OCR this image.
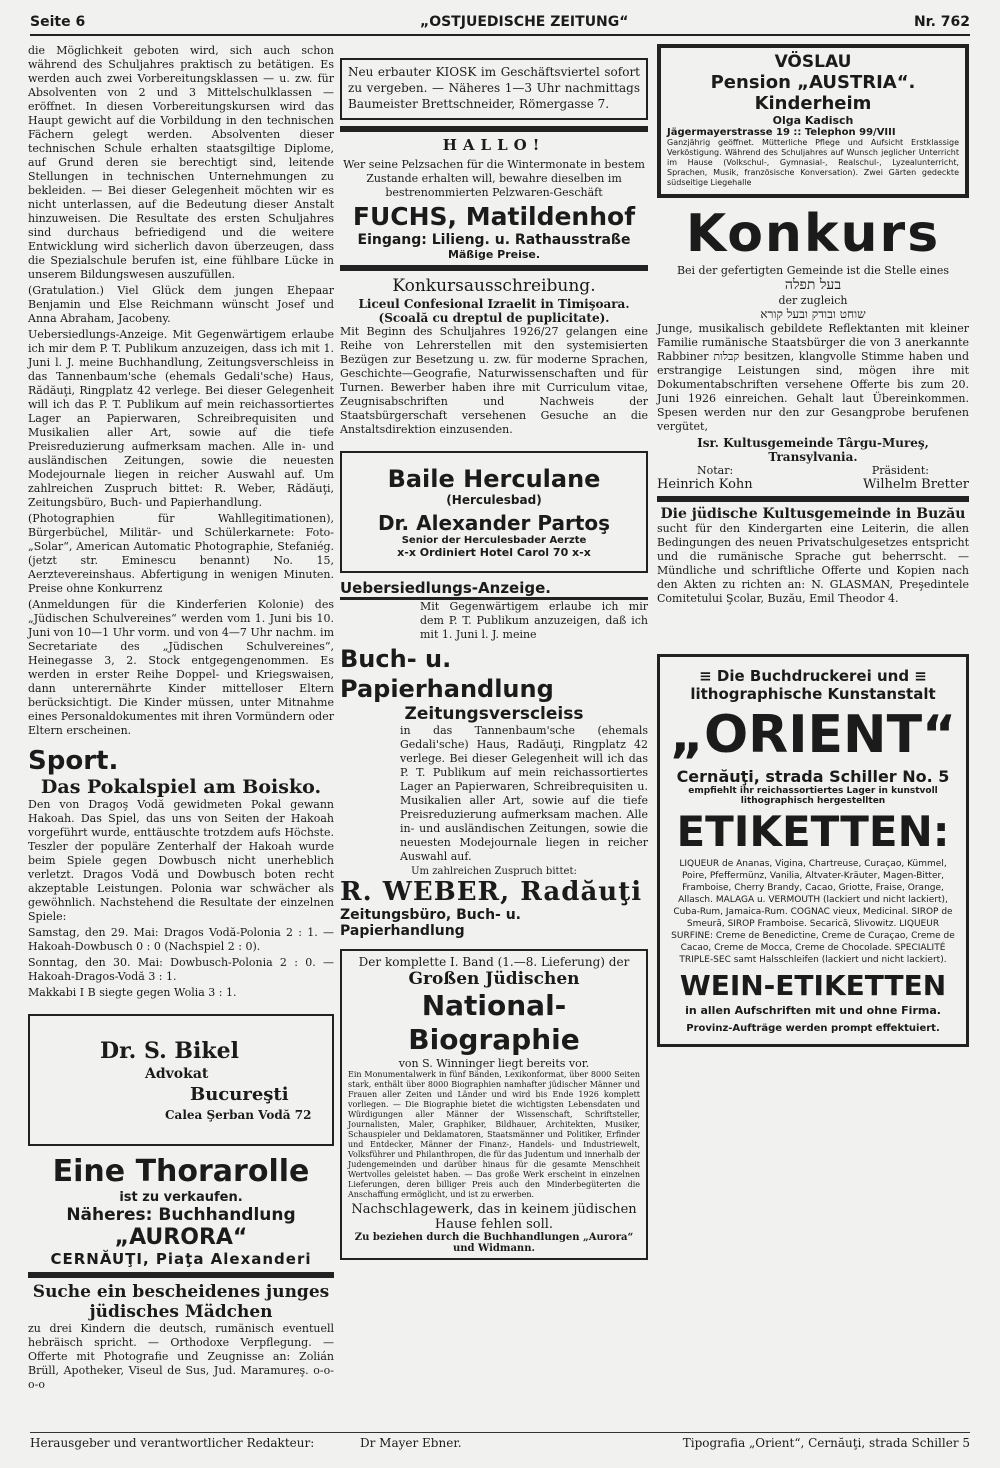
Seite 6	„OSTJUEDISCHE ZEITUNG“	Nr. 762

die Möglichkeit geboten wird, sich auch schon während des Schuljahres praktisch zu betätigen. Es werden auch zwei Vorbereitungsklassen — u. zw. für Absolventen von 2 und 3 Mittelschulklassen — eröffnet. In diesen Vorbereitungskursen wird das Haupt gewicht auf die Vorbildung in den technischen Fächern gelegt werden. Absolventen dieser technischen Schule erhalten staatsgiltige Diplome, auf Grund deren sie berechtigt sind, leitende Stellungen in technischen Unternehmungen zu bekleiden. — Bei dieser Gelegenheit möchten wir es nicht unterlassen, auf die Bedeutung dieser Anstalt hinzuweisen. Die Resultate des ersten Schuljahres sind durchaus befriedigend und die weitere Entwicklung wird sicherlich davon überzeugen, dass die Spezialschule berufen ist, eine fühlbare Lücke in unserem Bildungswesen auszufüllen.

(Gratulation.) Viel Glück dem jungen Ehepaar Benjamin und Else Reichmann wünscht Josef und Anna Abraham, Jacobeny.

Uebersiedlungs-Anzeige. Mit Gegenwärtigem erlaube ich mir dem P. T. Publikum anzuzeigen, dass ich mit 1. Juni l. J. meine Buchhandlung, Zeitungsverschleiss in das Tannenbaum'sche (ehemals Gedali'sche) Haus, Rădăuţi, Ringplatz 42 verlege. Bei dieser Gelegenheit will ich das P. T. Publikum auf mein reichassortiertes Lager an Papierwaren, Schreibrequisiten und Musikalien aller Art, sowie auf die tiefe Preisreduzierung aufmerksam machen. Alle in- und ausländischen Zeitungen, sowie die neuesten Modejournale liegen in reicher Auswahl auf. Um zahlreichen Zuspruch bittet: R. Weber, Rădăuţi, Zeitungsbüro, Buch- und Papierhandlung.

(Photographien für Wahllegitimationen), Bürgerbüchel, Militär- und Schülerkarnete: Foto-„Solar“, American Automatic Photographie, Stefaniég. (jetzt str. Eminescu benannt) No. 15, Aerztevereinshaus. Abfertigung in wenigen Minuten. Preise ohne Konkurrenz

(Anmeldungen für die Kinderferien Kolonie) des „Jüdischen Schulvereines“ werden vom 1. Juni bis 10. Juni von 10—1 Uhr vorm. und von 4—7 Uhr nachm. im Secretariate des „Jüdischen Schulvereines“, Heinegasse 3, 2. Stock entgegengenommen. Es werden in erster Reihe Doppel- und Kriegswaisen, dann unterernährte Kinder mittelloser Eltern berücksichtigt. Die Kinder müssen, unter Mitnahme eines Personaldokumentes mit ihren Vormündern oder Eltern erscheinen.

Sport.
Das Pokalspiel am Boisko.

Den von Dragoş Vodă gewidmeten Pokal gewann Hakoah. Das Spiel, das uns von Seiten der Hakoah vorgeführt wurde, enttäuschte trotzdem aufs Höchste. Teszler der populäre Zenterhalf der Hakoah wurde beim Spiele gegen Dowbusch nicht unerheblich verletzt. Dragos Vodă und Dowbusch boten recht akzeptable Leistungen. Polonia war schwächer als gewöhnlich. Nachstehend die Resultate der einzelnen Spiele:

Samstag, den 29. Mai: Dragos Vodă-Polonia 2 : 1. — Hakoah-Dowbusch 0 : 0 (Nachspiel 2 : 0).

Sonntag, den 30. Mai: Dowbusch-Polonia 2 : 0. — Hakoah-Dragos-Vodă 3 : 1.

Makkabi I B siegte gegen Wolia 3 : 1.

Dr. S. Bikel
Advokat
Bucureşti
Calea Şerban Vodă 72
Eine Thorarolle
ist zu verkaufen.
Näheres: Buchhandlung
„AURORA“
CERNĂUŢI, Piaţa Alexanderi
Suche ein bescheidenes junges jüdisches Mädchen

zu drei Kindern die deutsch, rumänisch eventuell hebräisch spricht. — Orthodoxe Verpflegung. — Offerte mit Photografie und Zeugnisse an: Zolián Brüll, Apotheker, Viseul de Sus, Jud. Maramureş. o-o-o-o

Neu erbauter KIOSK im Geschäftsviertel sofort zu vergeben. — Näheres 1—3 Uhr nachmittags Baumeister Brettschneider, Römergasse 7.

HALLO!

Wer seine Pelzsachen für die Wintermonate in bestem Zustande erhalten will, bewahre dieselben im bestrenommierten Pelzwaren-Geschäft

FUCHS, Matildenhof
Eingang: Lilieng. u. Rathausstraße
Mäßige Preise.
Konkursausschreibung.
Liceul Confesional Izraelit in Timişoara.
(Scoală cu dreptul de puplicitate).

Mit Beginn des Schuljahres 1926/27 gelangen eine Reihe von Lehrerstellen mit den systemisierten Bezügen zur Besetzung u. zw. für moderne Sprachen, Geschichte—Geografie, Naturwissenschaften und für Turnen. Bewerber haben ihre mit Curriculum vitae, Zeugnisabschriften und Nachweis der Staatsbürgerschaft versehenen Gesuche an die Anstaltsdirektion einzusenden.

Baile Herculane
(Herculesbad)
Dr. Alexander Partoş
Senior der Herculesbader Aerzte
x-x Ordiniert Hotel Carol 70 x-x
Uebersiedlungs-Anzeige.

Mit Gegenwärtigem erlaube ich mir dem P. T. Publikum anzuzeigen, daß ich mit 1. Juni l. J. meine

Buch- u. Papierhandlung
Zeitungsverscleiss

in das Tannenbaum'sche (ehemals Gedali'sche) Haus, Radăuţi, Ringplatz 42 verlege. Bei dieser Gelegenheit will ich das P. T. Publikum auf mein reichassortiertes Lager an Papierwaren, Schreibrequisiten u. Musikalien aller Art, sowie auf die tiefe Preisreduzierung aufmerksam machen. Alle in- und ausländischen Zeitungen, sowie die neuesten Modejournale liegen in reicher Auswahl auf.

Um zahlreichen Zuspruch bittet:
R. WEBER, Radăuţi
Zeitungsbüro, Buch- u. Papierhandlung
Der komplette I. Band (1.—8. Lieferung) der
Großen Jüdischen
National-Biographie
von S. Winninger liegt bereits vor.

Ein Monumentalwerk in fünf Bänden, Lexikonformat, über 8000 Seiten stark, enthält über 8000 Biographien namhafter jüdischer Männer und Frauen aller Zeiten und Länder und wird bis Ende 1926 komplett vorliegen. — Die Biographie bietet die wichtigsten Lebensdaten und Würdigungen aller Männer der Wissenschaft, Schriftsteller, Journalisten, Maler, Graphiker, Bildhauer, Architekten, Musiker, Schauspieler und Deklamatoren, Staatsmänner und Politiker, Erfinder und Entdecker, Männer der Finanz-, Handels- und Industriewelt, Volksführer und Philanthropen, die für das Judentum und innerhalb der Judengemeinden und darüber hinaus für die gesamte Menschheit Wertvolles geleistet haben. — Das große Werk erscheint in einzelnen Lieferungen, deren billiger Preis auch den Minderbegüterten die Anschaffung ermöglicht, und ist zu erwerben.

Nachschlagewerk, das in keinem jüdischen Hause fehlen soll.
Zu beziehen durch die Buchhandlungen „Aurora“ und Widmann.
VÖSLAU
Pension „AUSTRIA“. Kinderheim
Olga Kadisch
Jägermayerstrasse 19 :: Telephon 99/VIII

Ganzjährig geöffnet. Mütterliche Pflege und Aufsicht Erstklassige Verköstigung. Während des Schuljahres auf Wunsch jeglicher Unterricht im Hause (Volkschul-, Gymnasial-, Realschul-, Lyzealunterricht, Sprachen, Musik, französische Konversation). Zwei Gärten gedeckte südseitige Liegehalle

Konkurs
Bei der gefertigten Gemeinde ist die Stelle eines
בעל תפלה
der zugleich
שוחט ובודק ובעל קורא

Junge, musikalisch gebildete Reflektanten mit kleiner Familie rumänische Staatsbürger die von 3 anerkannte Rabbiner קבלות besitzen, klangvolle Stimme haben und erstrangige Leistungen sind, mögen ihre mit Dokumentabschriften versehene Offerte bis zum 20. Juni 1926 einreichen. Gehalt laut Übereinkommen. Spesen werden nur den zur Gesangprobe berufenen vergütet,

Isr. Kultusgemeinde Târgu-Mureş, Transylvania.
Notar:	Präsident:
Heinrich Kohn	Wilhelm Bretter
Die jüdische Kultusgemeinde in Buzău

sucht für den Kindergarten eine Leiterin, die allen Bedingungen des neuen Privatschulgesetzes entspricht und die rumänische Sprache gut beherrscht. — Mündliche und schriftliche Offerte und Kopien nach den Akten zu richten an: N. GLASMAN, Preşedintele Comitetului Şcolar, Buzău, Emil Theodor 4.

≡ Die Buchdruckerei und ≡ lithographische Kunstanstalt
„ORIENT“
Cernăuţi, strada Schiller No. 5
empfiehlt ihr reichassortiertes Lager in kunstvoll lithographisch hergestellten
ETIKETTEN:

LIQUEUR de Ananas, Vigina, Chartreuse, Curaçao, Kümmel, Poire, Pfeffermünz, Vanilia, Altvater-Kräuter, Magen-Bitter, Framboise, Cherry Brandy, Cacao, Griotte, Fraise, Orange, Allasch. MALAGA u. VERMOUTH (lackiert und nicht lackiert), Cuba-Rum, Jamaica-Rum. COGNAC vieux, Medicinal. SIROP de Smeură, SIROP Framboise. Secarică, Slivowitz. LIQUEUR SURFINE: Creme de Benedictine, Creme de Curaçao, Creme de Cacao, Creme de Mocca, Creme de Chocolade. SPECIALITÉ TRIPLE-SEC samt Halsschleifen (lackiert und nicht lackiert).

WEIN-ETIKETTEN
in allen Aufschriften mit und ohne Firma.
Provinz-Aufträge werden prompt effektuiert.
Herausgeber und verantwortlicher Redakteur:	Dr Mayer Ebner.	Tipografia „Orient“, Cernăuţi, strada Schiller 5
